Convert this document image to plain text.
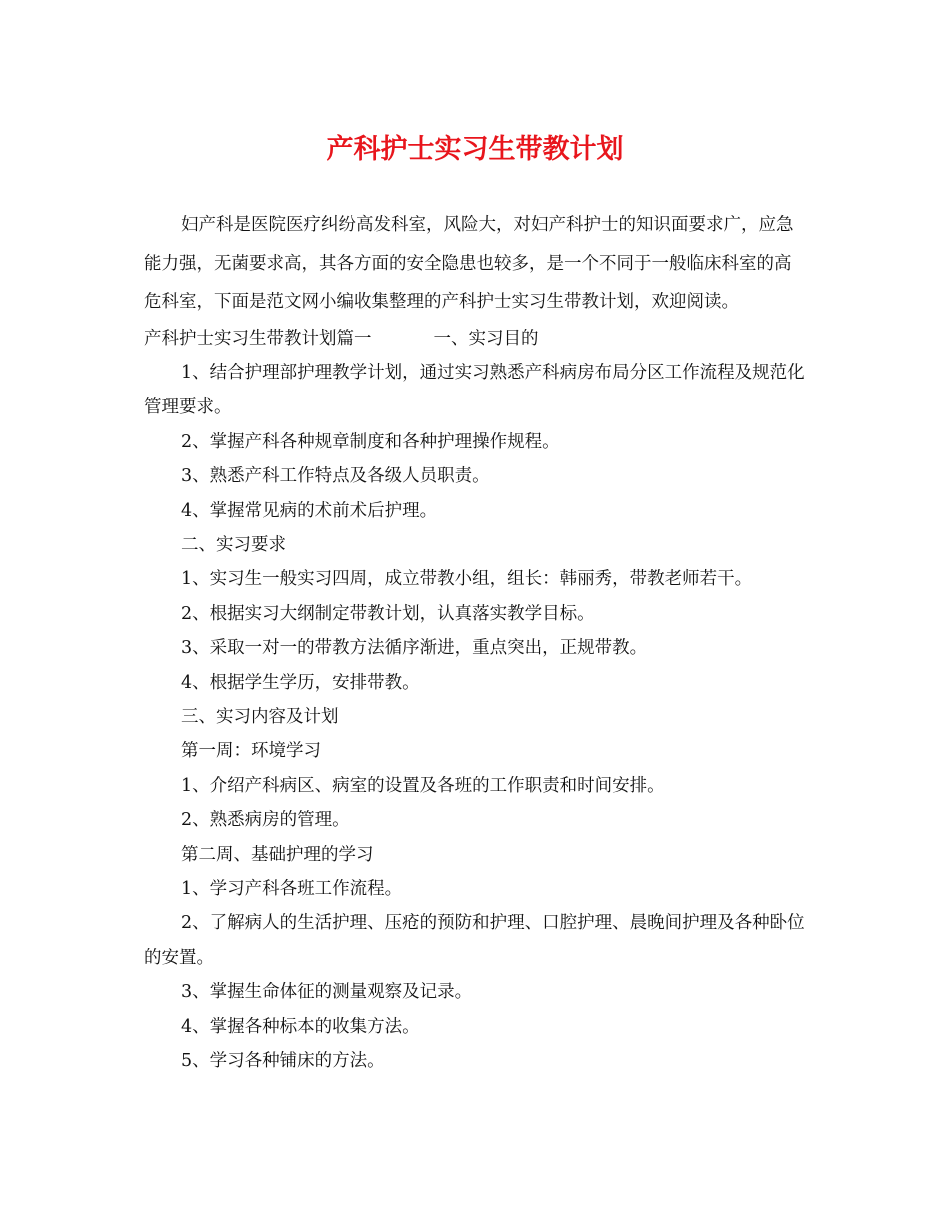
产科护士实习生带教计划

妇产科是医院医疗纠纷高发科室，风险大，对妇产科护士的知识面要求广，应急能力强，无菌要求高，其各方面的安全隐患也较多，是一个不同于一般临床科室的高危科室，下面是范文网小编收集整理的产科护士实习生带教计划，欢迎阅读。

产科护士实习生带教计划篇一	一、实习目的

1、结合护理部护理教学计划，通过实习熟悉产科病房布局分区工作流程及规范化管理要求。

2、掌握产科各种规章制度和各种护理操作规程。

3、熟悉产科工作特点及各级人员职责。

4、掌握常见病的术前术后护理。

二、实习要求

1、实习生一般实习四周，成立带教小组，组长：韩丽秀，带教老师若干。

2、根据实习大纲制定带教计划，认真落实教学目标。

3、采取一对一的带教方法循序渐进，重点突出，正规带教。

4、根据学生学历，安排带教。

三、实习内容及计划

第一周：环境学习

1、介绍产科病区、病室的设置及各班的工作职责和时间安排。

2、熟悉病房的管理。

第二周、基础护理的学习

1、学习产科各班工作流程。

2、了解病人的生活护理、压疮的预防和护理、口腔护理、晨晚间护理及各种卧位的安置。

3、掌握生命体征的测量观察及记录。

4、掌握各种标本的收集方法。

5、学习各种铺床的方法。
